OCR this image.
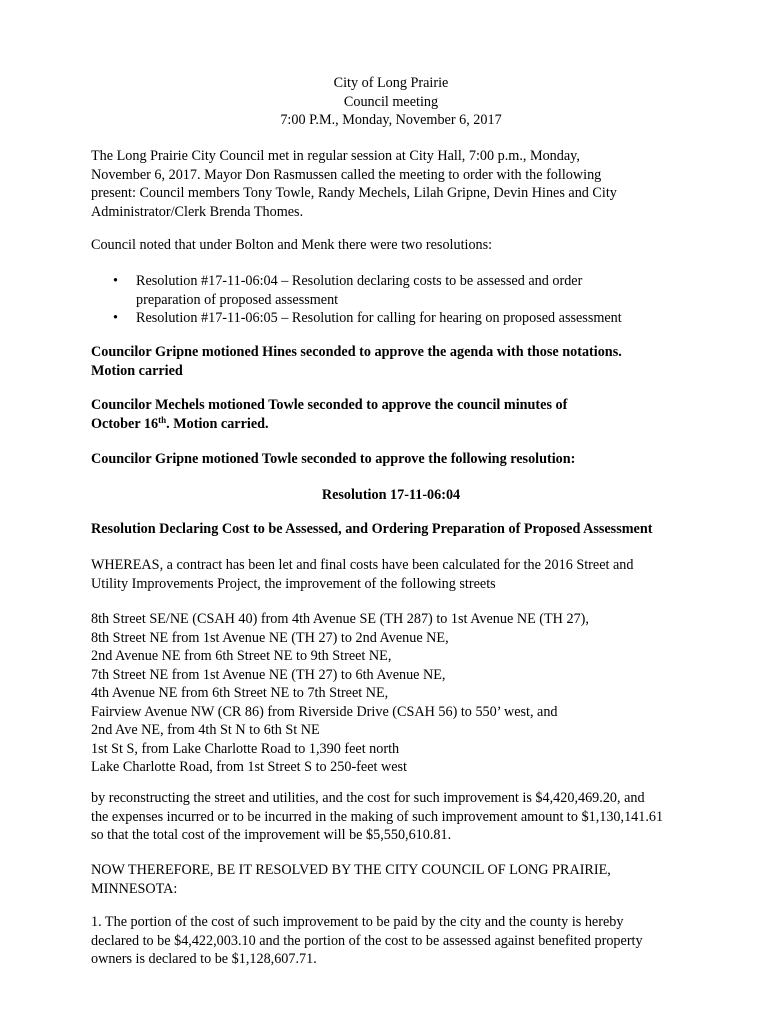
City of Long Prairie
Council meeting
7:00 P.M., Monday, November 6, 2017
The Long Prairie City Council met in regular session at City Hall, 7:00 p.m., Monday,
November 6, 2017. Mayor Don Rasmussen called the meeting to order with the following
present: Council members Tony Towle, Randy Mechels, Lilah Gripne, Devin Hines and City
Administrator/Clerk Brenda Thomes.
Council noted that under Bolton and Menk there were two resolutions:
• Resolution #17-11-06:04 – Resolution declaring costs to be assessed and order
preparation of proposed assessment
• Resolution #17-11-06:05 – Resolution for calling for hearing on proposed assessment
Councilor Gripne motioned Hines seconded to approve the agenda with those notations.
Motion carried
Councilor Mechels motioned Towle seconded to approve the council minutes of
October 16th. Motion carried.
Councilor Gripne motioned Towle seconded to approve the following resolution:
Resolution 17-11-06:04
Resolution Declaring Cost to be Assessed, and Ordering Preparation of Proposed Assessment
WHEREAS, a contract has been let and final costs have been calculated for the 2016 Street and
Utility Improvements Project, the improvement of the following streets
8th Street SE/NE (CSAH 40) from 4th Avenue SE (TH 287) to 1st Avenue NE (TH 27),
8th Street NE from 1st Avenue NE (TH 27) to 2nd Avenue NE,
2nd Avenue NE from 6th Street NE to 9th Street NE,
7th Street NE from 1st Avenue NE (TH 27) to 6th Avenue NE,
4th Avenue NE from 6th Street NE to 7th Street NE,
Fairview Avenue NW (CR 86) from Riverside Drive (CSAH 56) to 550’ west, and
2nd Ave NE, from 4th St N to 6th St NE
1st St S, from Lake Charlotte Road to 1,390 feet north
Lake Charlotte Road, from 1st Street S to 250-feet west
by reconstructing the street and utilities, and the cost for such improvement is $4,420,469.20, and
the expenses incurred or to be incurred in the making of such improvement amount to $1,130,141.61
so that the total cost of the improvement will be $5,550,610.81.
NOW THEREFORE, BE IT RESOLVED BY THE CITY COUNCIL OF LONG PRAIRIE,
MINNESOTA:
1. The portion of the cost of such improvement to be paid by the city and the county is hereby
declared to be $4,422,003.10 and the portion of the cost to be assessed against benefited property
owners is declared to be $1,128,607.71.
